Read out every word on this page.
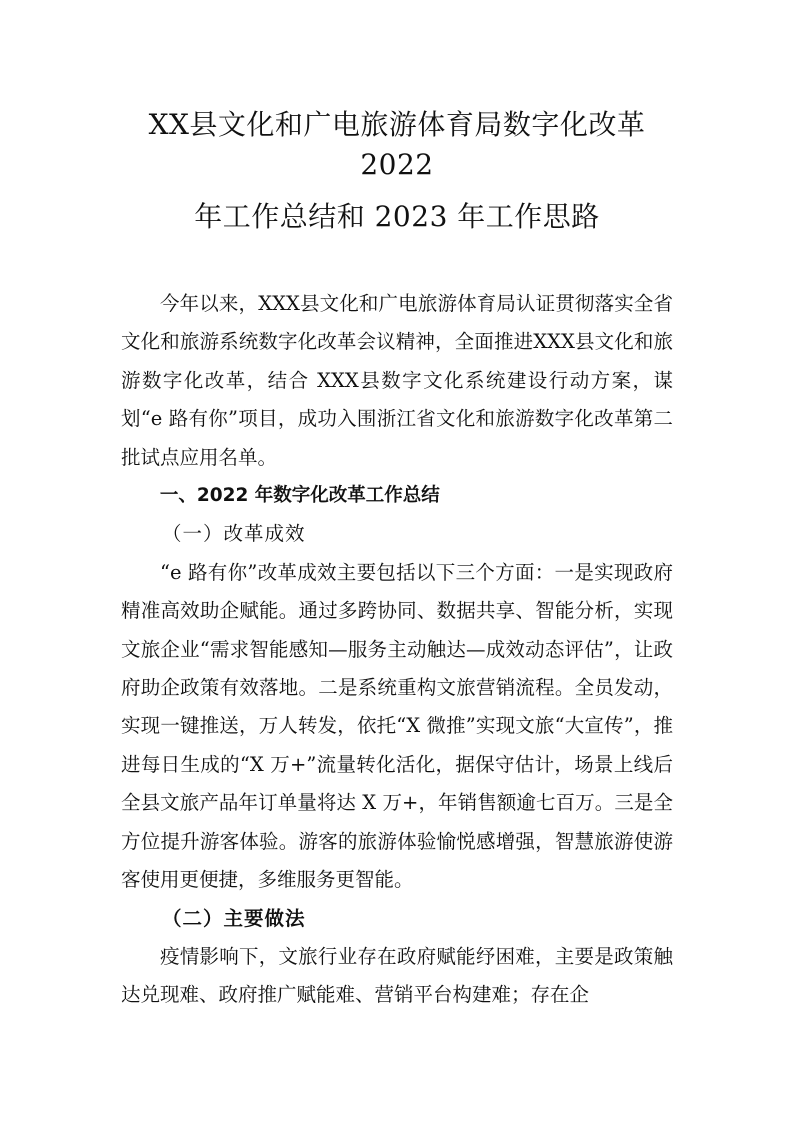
XX县文化和广电旅游体育局数字化改革
2022
年工作总结和 2023 年工作思路

今年以来，XXX县文化和广电旅游体育局认证贯彻落实全省文化和旅游系统数字化改革会议精神，全面推进XXX县文化和旅游数字化改革，结合 XXX县数字文化系统建设行动方案，谋划“e 路有你”项目，成功入围浙江省文化和旅游数字化改革第二批试点应用名单。

一、2022 年数字化改革工作总结
（一）改革成效

“e 路有你”改革成效主要包括以下三个方面：一是实现政府精准高效助企赋能。通过多跨协同、数据共享、智能分析，实现文旅企业“需求智能感知—服务主动触达—成效动态评估”，让政府助企政策有效落地。二是系统重构文旅营销流程。全员发动，实现一键推送，万人转发，依托“X 微推”实现文旅“大宣传”，推进每日生成的“X 万+”流量转化活化，据保守估计，场景上线后全县文旅产品年订单量将达 X 万+，年销售额逾七百万。三是全方位提升游客体验。游客的旅游体验愉悦感增强，智慧旅游使游客使用更便捷，多维服务更智能。

（二）主要做法

疫情影响下，文旅行业存在政府赋能纾困难，主要是政策触达兑现难、政府推广赋能难、营销平台构建难；存在企
